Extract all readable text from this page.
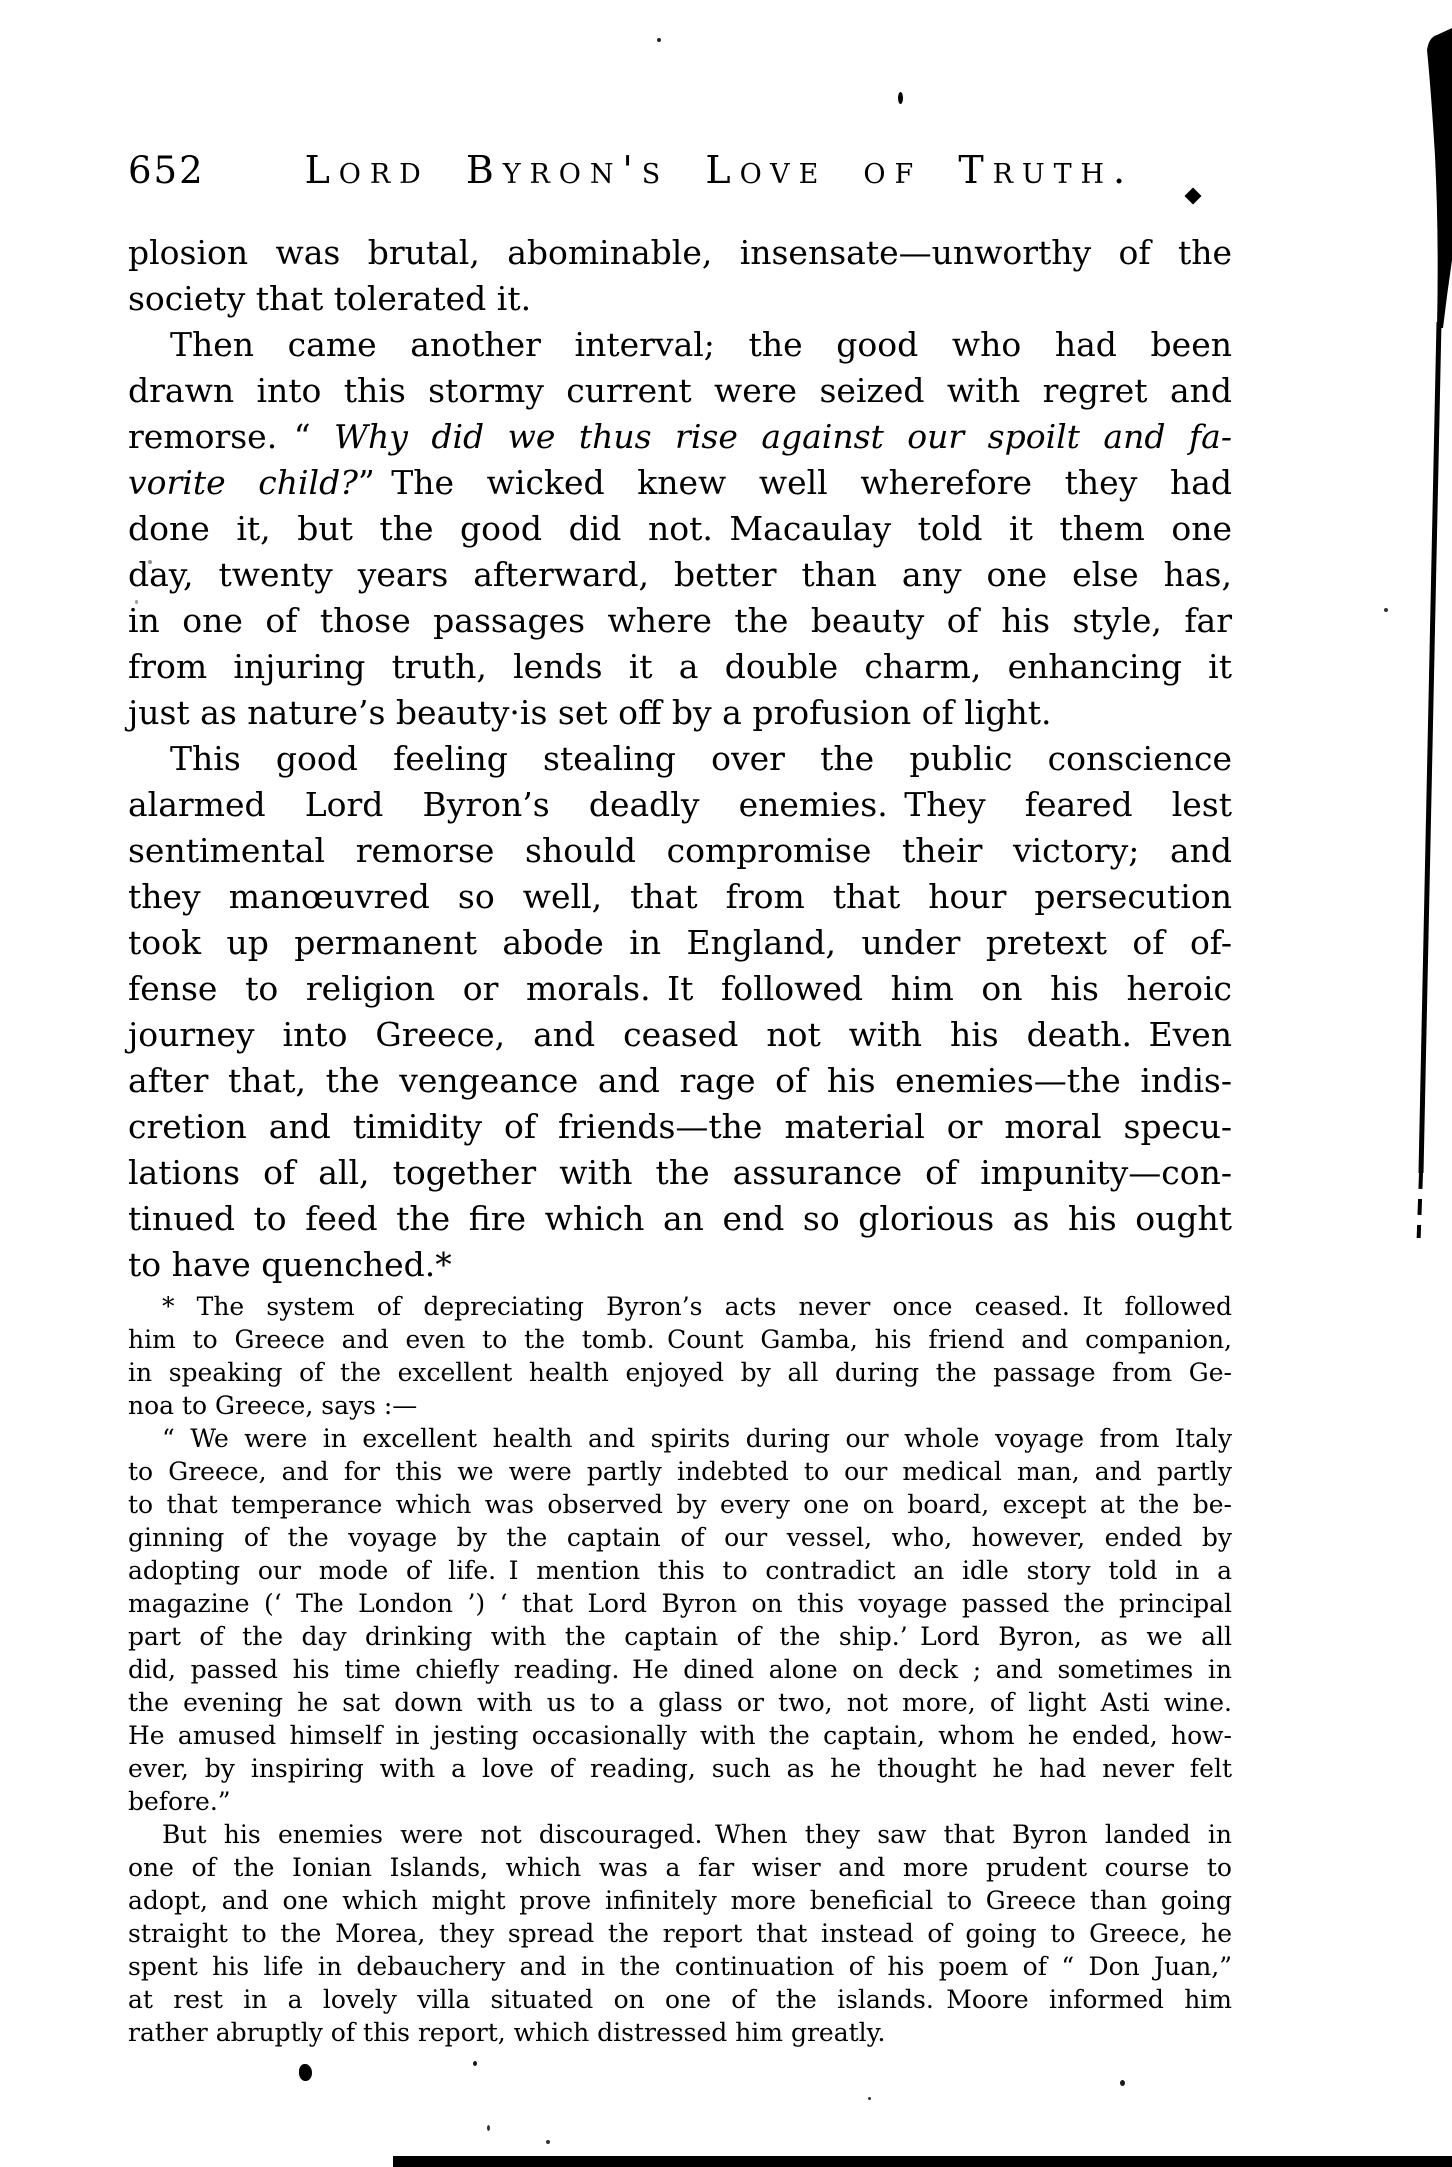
652	Lord Byron's Love of Truth.
plosion was brutal, abominable, insensate—unworthy of the
society that tolerated it.
Then came another interval; the good who had been
drawn into this stormy current were seized with regret and
remorse. “ Why did we thus rise against our spoilt and fa-
vorite child?” The wicked knew well wherefore they had
done it, but the good did not. Macaulay told it them one
day, twenty years afterward, better than any one else has,
in one of those passages where the beauty of his style, far
from injuring truth, lends it a double charm, enhancing it
just as nature’s beauty·is set off by a profusion of light.
This good feeling stealing over the public conscience
alarmed Lord Byron’s deadly enemies. They feared lest
sentimental remorse should compromise their victory; and
they manœuvred so well, that from that hour persecution
took up permanent abode in England, under pretext of of-
fense to religion or morals. It followed him on his heroic
journey into Greece, and ceased not with his death. Even
after that, the vengeance and rage of his enemies—the indis-
cretion and timidity of friends—the material or moral specu-
lations of all, together with the assurance of impunity—con-
tinued to feed the fire which an end so glorious as his ought
to have quenched.*
* The system of depreciating Byron’s acts never once ceased. It followed
him to Greece and even to the tomb. Count Gamba, his friend and companion,
in speaking of the excellent health enjoyed by all during the passage from Ge-
noa to Greece, says :—
“ We were in excellent health and spirits during our whole voyage from Italy
to Greece, and for this we were partly indebted to our medical man, and partly
to that temperance which was observed by every one on board, except at the be-
ginning of the voyage by the captain of our vessel, who, however, ended by
adopting our mode of life. I mention this to contradict an idle story told in a
magazine (‘ The London ’) ‘ that Lord Byron on this voyage passed the principal
part of the day drinking with the captain of the ship.’ Lord Byron, as we all
did, passed his time chiefly reading. He dined alone on deck ; and sometimes in
the evening he sat down with us to a glass or two, not more, of light Asti wine.
He amused himself in jesting occasionally with the captain, whom he ended, how-
ever, by inspiring with a love of reading, such as he thought he had never felt
before.”
But his enemies were not discouraged. When they saw that Byron landed in
one of the Ionian Islands, which was a far wiser and more prudent course to
adopt, and one which might prove infinitely more beneficial to Greece than going
straight to the Morea, they spread the report that instead of going to Greece, he
spent his life in debauchery and in the continuation of his poem of “ Don Juan,”
at rest in a lovely villa situated on one of the islands. Moore informed him
rather abruptly of this report, which distressed him greatly.
